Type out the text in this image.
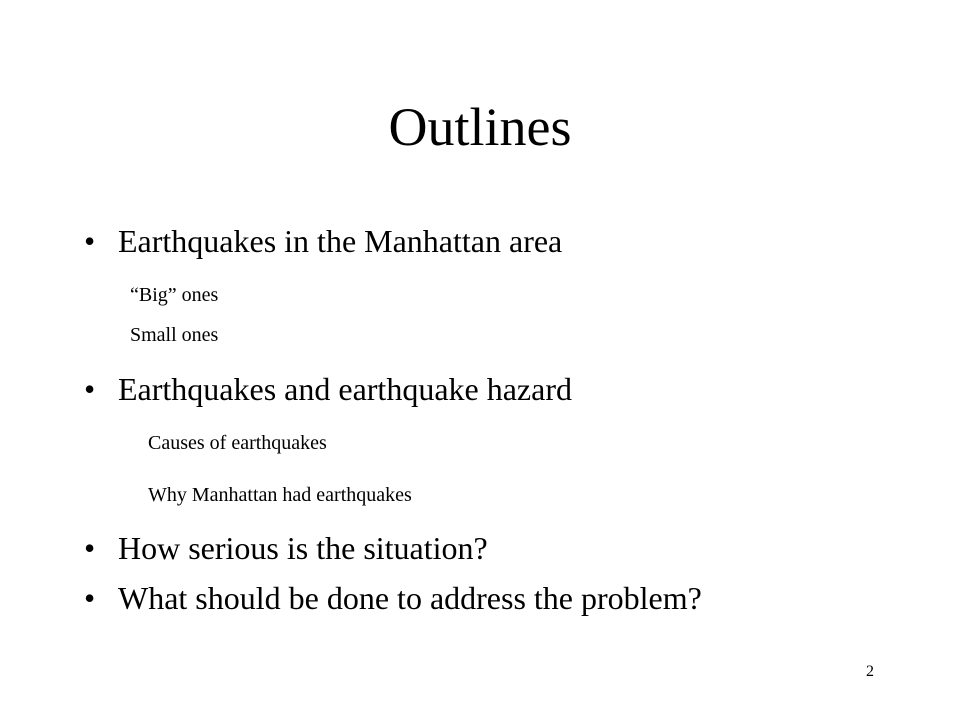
Outlines
• Earthquakes in the Manhattan area
“Big” ones
Small ones
• Earthquakes and earthquake hazard
Causes of earthquakes
Why Manhattan had earthquakes
• How serious is the situation?
• What should be done to address the problem?
2
